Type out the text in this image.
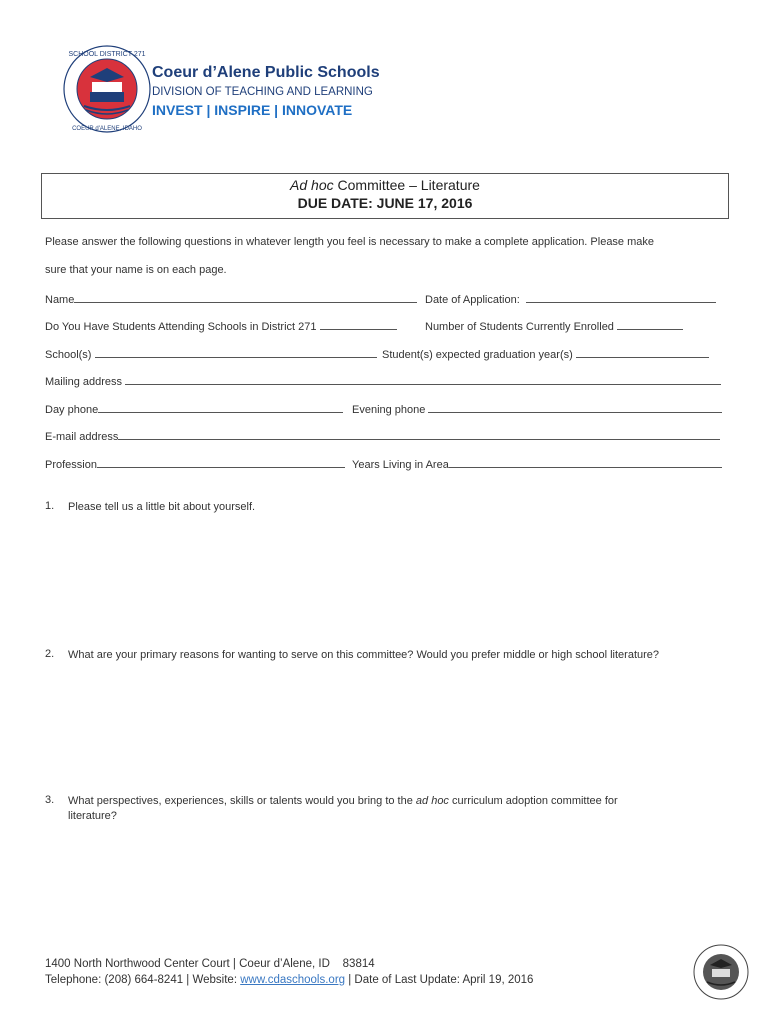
SCHOOL DISTRICT 271
COEUR d'ALENE, IDAHO
Coeur d’Alene Public Schools
DIVISION OF TEACHING AND LEARNING
INVEST | INSPIRE | INNOVATE
Ad hoc Committee – Literature
DUE DATE: JUNE 17, 2016
Please answer the following questions in whatever length you feel is necessary to make a complete application. Please make
sure that your name is on each page.
Name	Date of Application:
Do You Have Students Attending Schools in District 271	Number of Students Currently Enrolled
School(s)	Student(s) expected graduation year(s)
Mailing address
Day phone	Evening phone
E-mail address
Profession	Years Living in Area
1. Please tell us a little bit about yourself.
2. What are your primary reasons for wanting to serve on this committee? Would you prefer middle or high school literature?
3. What perspectives, experiences, skills or talents would you bring to the ad hoc curriculum adoption committee for literature?
1400 North Northwood Center Court | Coeur d’Alene, ID    83814
Telephone: (208) 664-8241 | Website: www.cdaschools.org | Date of Last Update: April 19, 2016
